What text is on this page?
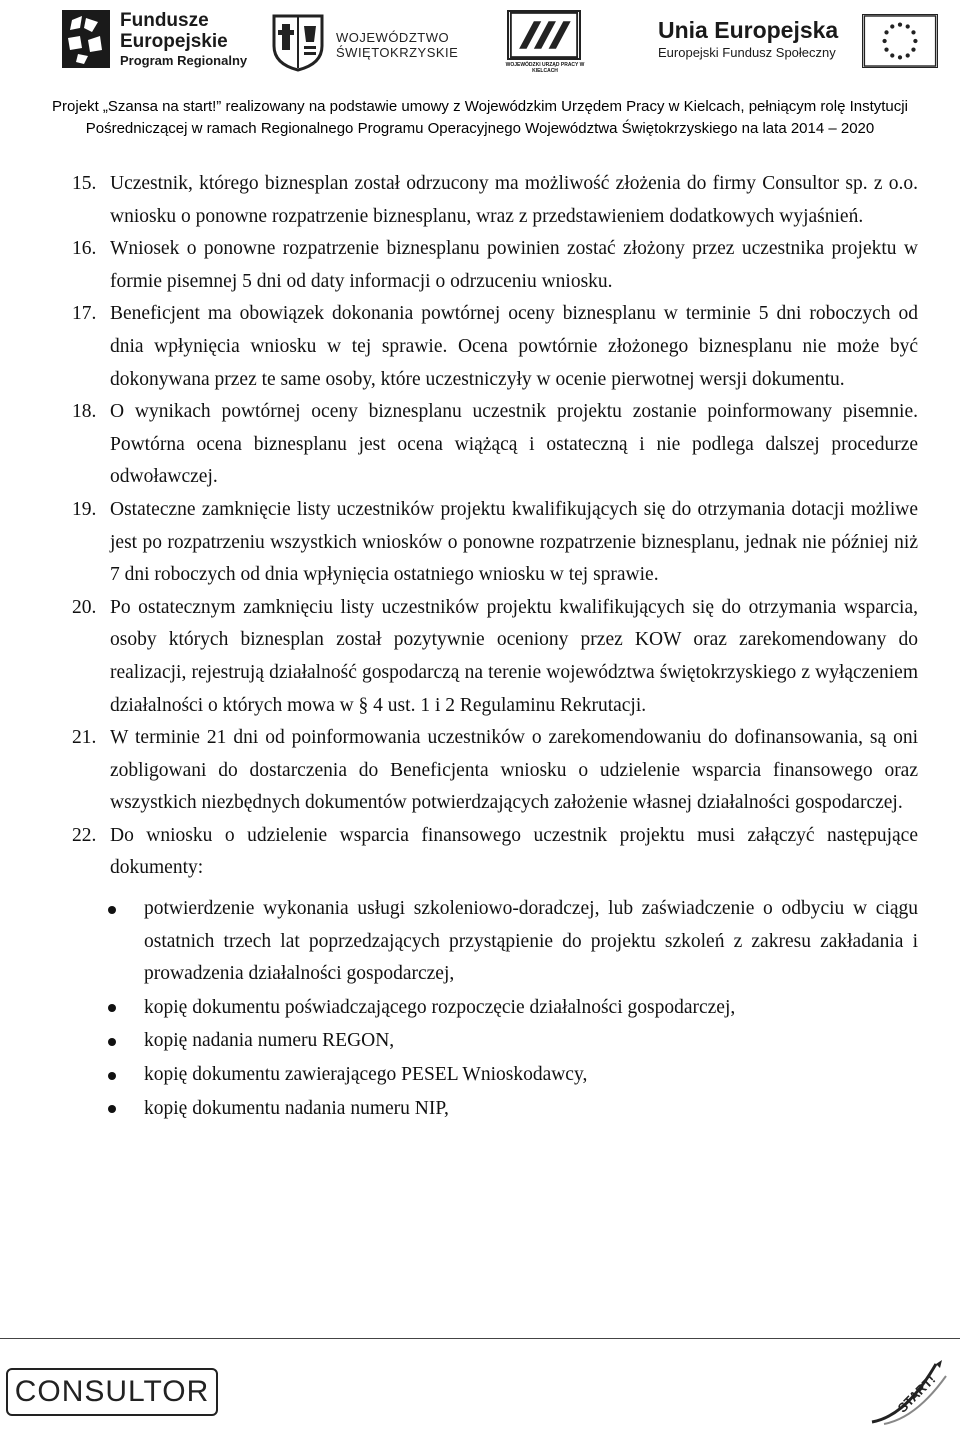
Fundusze
Europejskie
Program Regionalny
WOJEWÓDZTWO
ŚWIĘTOKRZYSKIE
WOJEWÓDZKI URZĄD PRACY W KIELCACH
Unia Europejska
Europejski Fundusz Społeczny
Projekt „Szansa na start!” realizowany na podstawie umowy z Wojewódzkim Urzędem Pracy w Kielcach, pełniącym rolę Instytucji
Pośredniczącej w ramach Regionalnego Programu Operacyjnego Województwa Świętokrzyskiego na lata 2014 – 2020
15. Uczestnik, którego biznesplan został odrzucony ma możliwość złożenia do firmy Consultor sp. z o.o. wniosku o ponowne rozpatrzenie biznesplanu, wraz z przedstawieniem dodatkowych wyjaśnień.
16. Wniosek o ponowne rozpatrzenie biznesplanu powinien zostać złożony przez uczestnika projektu w formie pisemnej 5 dni od daty informacji o odrzuceniu wniosku.
17. Beneficjent ma obowiązek dokonania powtórnej oceny biznesplanu w terminie 5 dni roboczych od dnia wpłynięcia wniosku w tej sprawie. Ocena powtórnie złożonego biznesplanu nie może być dokonywana przez te same osoby, które uczestniczyły w ocenie pierwotnej wersji dokumentu.
18. O wynikach powtórnej oceny biznesplanu uczestnik projektu zostanie poinformowany pisemnie. Powtórna ocena biznesplanu jest ocena wiążącą i ostateczną i nie podlega dalszej procedurze odwoławczej.
19. Ostateczne zamknięcie listy uczestników projektu kwalifikujących się do otrzymania dotacji możliwe jest po rozpatrzeniu wszystkich wniosków o ponowne rozpatrzenie biznesplanu, jednak nie później niż 7 dni roboczych od dnia wpłynięcia ostatniego wniosku w tej sprawie.
20. Po ostatecznym zamknięciu listy uczestników projektu kwalifikujących się do otrzymania wsparcia, osoby których biznesplan został pozytywnie oceniony przez KOW oraz zarekomendowany do realizacji, rejestrują działalność gospodarczą na terenie województwa świętokrzyskiego z wyłączeniem działalności o których mowa w § 4 ust. 1 i 2 Regulaminu Rekrutacji.
21. W terminie 21 dni od poinformowania uczestników o zarekomendowaniu do dofinansowania, są oni zobligowani do dostarczenia do Beneficjenta wniosku o udzielenie wsparcia finansowego oraz wszystkich niezbędnych dokumentów potwierdzających założenie własnej działalności gospodarczej.
22. Do wniosku o udzielenie wsparcia finansowego uczestnik projektu musi załączyć następujące dokumenty:
potwierdzenie wykonania usługi szkoleniowo-doradczej, lub zaświadczenie o odbyciu w ciągu ostatnich trzech lat poprzedzających przystąpienie do projektu szkoleń z zakresu zakładania i prowadzenia działalności gospodarczej,
kopię dokumentu poświadczającego rozpoczęcie działalności gospodarczej,
kopię nadania numeru REGON,
kopię dokumentu zawierającego PESEL Wnioskodawcy,
kopię dokumentu nadania numeru NIP,
CONSULTOR	START!
